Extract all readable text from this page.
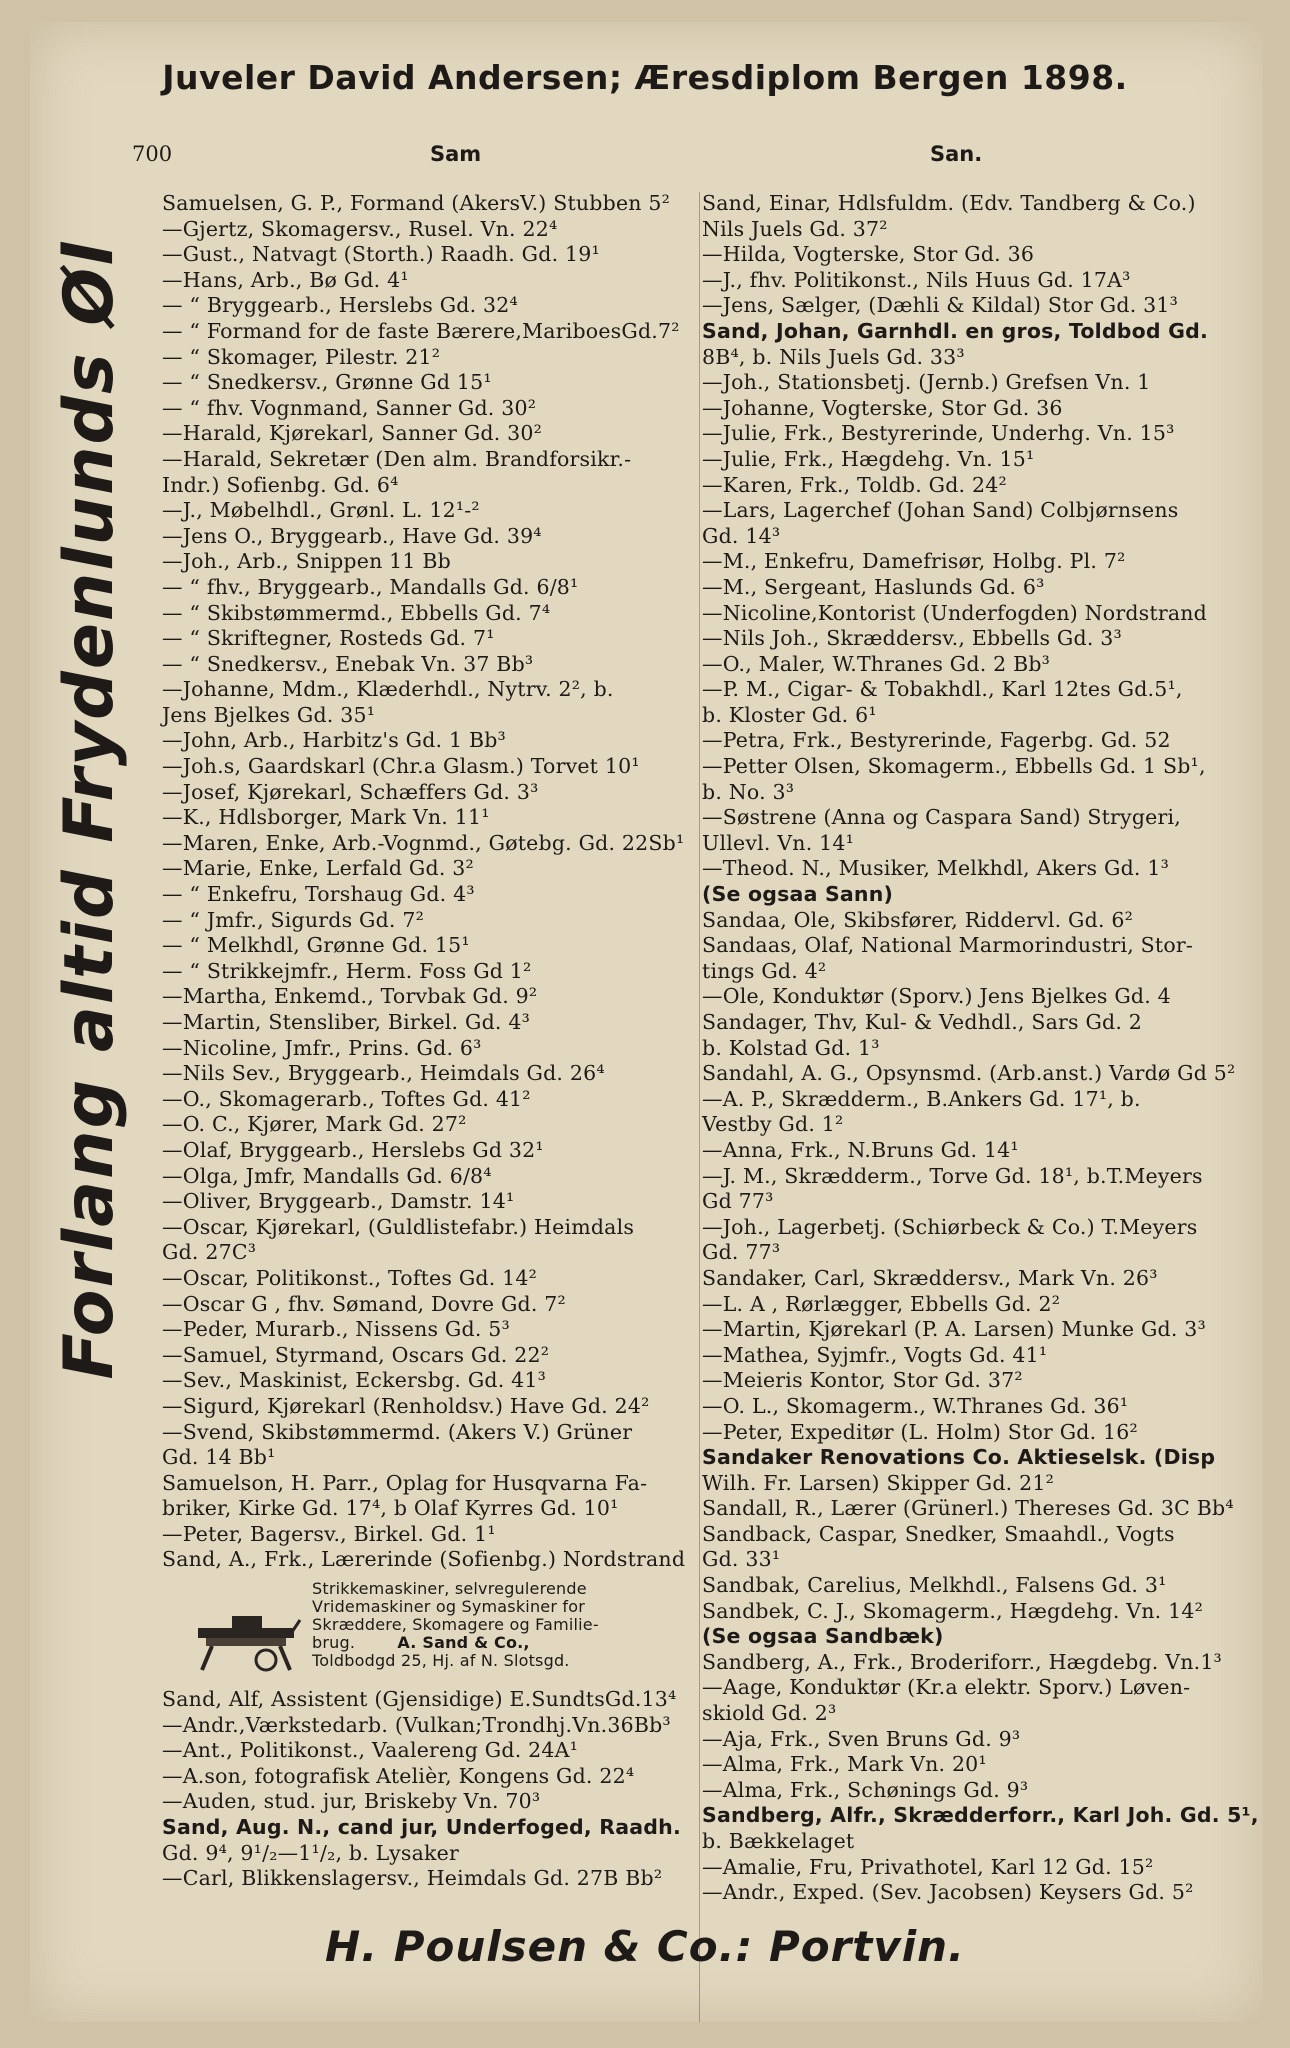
Juveler David Andersen; Æresdiplom Bergen 1898.
700	Sam	San.
Forlang altid Frydenlunds Øl
Samuelsen, G. P., Formand (AkersV.) Stubben 5²
—Gjertz, Skomagersv., Rusel. Vn. 22⁴
—Gust., Natvagt (Storth.) Raadh. Gd. 19¹
—Hans, Arb., Bø Gd. 4¹
— “ Bryggearb., Herslebs Gd. 32⁴
— “ Formand for de faste Bærere,MariboesGd.7²
— “ Skomager, Pilestr. 21²
— “ Snedkersv., Grønne Gd 15¹
— “ fhv. Vognmand, Sanner Gd. 30²
—Harald, Kjørekarl, Sanner Gd. 30²
—Harald, Sekretær (Den alm. Brandforsikr.-
Indr.) Sofienbg. Gd. 6⁴
—J., Møbelhdl., Grønl. L. 12¹-²
—Jens O., Bryggearb., Have Gd. 39⁴
—Joh., Arb., Snippen 11 Bb
— “ fhv., Bryggearb., Mandalls Gd. 6/8¹
— “ Skibstømmermd., Ebbells Gd. 7⁴
— “ Skriftegner, Rosteds Gd. 7¹
— “ Snedkersv., Enebak Vn. 37 Bb³
—Johanne, Mdm., Klæderhdl., Nytrv. 2², b.
Jens Bjelkes Gd. 35¹
—John, Arb., Harbitz's Gd. 1 Bb³
—Joh.s, Gaardskarl (Chr.a Glasm.) Torvet 10¹
—Josef, Kjørekarl, Schæffers Gd. 3³
—K., Hdlsborger, Mark Vn. 11¹
—Maren, Enke, Arb.-Vognmd., Gøtebg. Gd. 22Sb¹
—Marie, Enke, Lerfald Gd. 3²
— “ Enkefru, Torshaug Gd. 4³
— “ Jmfr., Sigurds Gd. 7²
— “ Melkhdl, Grønne Gd. 15¹
— “ Strikkejmfr., Herm. Foss Gd 1²
—Martha, Enkemd., Torvbak Gd. 9²
—Martin, Stensliber, Birkel. Gd. 4³
—Nicoline, Jmfr., Prins. Gd. 6³
—Nils Sev., Bryggearb., Heimdals Gd. 26⁴
—O., Skomagerarb., Toftes Gd. 41²
—O. C., Kjører, Mark Gd. 27²
—Olaf, Bryggearb., Herslebs Gd 32¹
—Olga, Jmfr, Mandalls Gd. 6/8⁴
—Oliver, Bryggearb., Damstr. 14¹
—Oscar, Kjørekarl, (Guldlistefabr.) Heimdals
Gd. 27C³
—Oscar, Politikonst., Toftes Gd. 14²
—Oscar G , fhv. Sømand, Dovre Gd. 7²
—Peder, Murarb., Nissens Gd. 5³
—Samuel, Styrmand, Oscars Gd. 22²
—Sev., Maskinist, Eckersbg. Gd. 41³
—Sigurd, Kjørekarl (Renholdsv.) Have Gd. 24²
—Svend, Skibstømmermd. (Akers V.) Grüner
Gd. 14 Bb¹
Samuelson, H. Parr., Oplag for Husqvarna Fa-
briker, Kirke Gd. 17⁴, b Olaf Kyrres Gd. 10¹
—Peter, Bagersv., Birkel. Gd. 1¹
Sand, A., Frk., Lærerinde (Sofienbg.) Nordstrand
Strikkemaskiner, selvregulerende
Vridemaskiner og Symaskiner for
Skræddere, Skomagere og Familie-
brug.	A. Sand & Co.,
Toldbodgd 25, Hj. af N. Slotsgd.
Sand, Alf, Assistent (Gjensidige) E.SundtsGd.13⁴
—Andr.,Værkstedarb. (Vulkan;Trondhj.Vn.36Bb³
—Ant., Politikonst., Vaalereng Gd. 24A¹
—A.son, fotografisk Atelièr, Kongens Gd. 22⁴
—Auden, stud. jur, Briskeby Vn. 70³
Sand, Aug. N., cand jur, Underfoged, Raadh.
Gd. 9⁴, 9¹/₂—1¹/₂, b. Lysaker
—Carl, Blikkenslagersv., Heimdals Gd. 27B Bb²
Sand, Einar, Hdlsfuldm. (Edv. Tandberg & Co.)
Nils Juels Gd. 37²
—Hilda, Vogterske, Stor Gd. 36
—J., fhv. Politikonst., Nils Huus Gd. 17A³
—Jens, Sælger, (Dæhli & Kildal) Stor Gd. 31³
Sand, Johan, Garnhdl. en gros, Toldbod Gd.
8B⁴, b. Nils Juels Gd. 33³
—Joh., Stationsbetj. (Jernb.) Grefsen Vn. 1
—Johanne, Vogterske, Stor Gd. 36
—Julie, Frk., Bestyrerinde, Underhg. Vn. 15³
—Julie, Frk., Hægdehg. Vn. 15¹
—Karen, Frk., Toldb. Gd. 24²
—Lars, Lagerchef (Johan Sand) Colbjørnsens
Gd. 14³
—M., Enkefru, Damefrisør, Holbg. Pl. 7²
—M., Sergeant, Haslunds Gd. 6³
—Nicoline,Kontorist (Underfogden) Nordstrand
—Nils Joh., Skræddersv., Ebbells Gd. 3³
—O., Maler, W.Thranes Gd. 2 Bb³
—P. M., Cigar- & Tobakhdl., Karl 12tes Gd.5¹,
b. Kloster Gd. 6¹
—Petra, Frk., Bestyrerinde, Fagerbg. Gd. 52
—Petter Olsen, Skomagerm., Ebbells Gd. 1 Sb¹,
b. No. 3³
—Søstrene (Anna og Caspara Sand) Strygeri,
Ullevl. Vn. 14¹
—Theod. N., Musiker, Melkhdl, Akers Gd. 1³
(Se ogsaa Sann)
Sandaa, Ole, Skibsfører, Riddervl. Gd. 6²
Sandaas, Olaf, National Marmorindustri, Stor-
tings Gd. 4²
—Ole, Konduktør (Sporv.) Jens Bjelkes Gd. 4
Sandager, Thv, Kul- & Vedhdl., Sars Gd. 2
b. Kolstad Gd. 1³
Sandahl, A. G., Opsynsmd. (Arb.anst.) Vardø Gd 5²
—A. P., Skrædderm., B.Ankers Gd. 17¹, b.
Vestby Gd. 1²
—Anna, Frk., N.Bruns Gd. 14¹
—J. M., Skrædderm., Torve Gd. 18¹, b.T.Meyers
Gd 77³
—Joh., Lagerbetj. (Schiørbeck & Co.) T.Meyers
Gd. 77³
Sandaker, Carl, Skræddersv., Mark Vn. 26³
—L. A , Rørlægger, Ebbells Gd. 2²
—Martin, Kjørekarl (P. A. Larsen) Munke Gd. 3³
—Mathea, Syjmfr., Vogts Gd. 41¹
—Meieris Kontor, Stor Gd. 37²
—O. L., Skomagerm., W.Thranes Gd. 36¹
—Peter, Expeditør (L. Holm) Stor Gd. 16²
Sandaker Renovations Co. Aktieselsk. (Disp
Wilh. Fr. Larsen) Skipper Gd. 21²
Sandall, R., Lærer (Grünerl.) Thereses Gd. 3C Bb⁴
Sandback, Caspar, Snedker, Smaahdl., Vogts
Gd. 33¹
Sandbak, Carelius, Melkhdl., Falsens Gd. 3¹
Sandbek, C. J., Skomagerm., Hægdehg. Vn. 14²
(Se ogsaa Sandbæk)
Sandberg, A., Frk., Broderiforr., Hægdebg. Vn.1³
—Aage, Konduktør (Kr.a elektr. Sporv.) Løven-
skiold Gd. 2³
—Aja, Frk., Sven Bruns Gd. 9³
—Alma, Frk., Mark Vn. 20¹
—Alma, Frk., Schønings Gd. 9³
Sandberg, Alfr., Skrædderforr., Karl Joh. Gd. 5¹,
b. Bækkelaget
—Amalie, Fru, Privathotel, Karl 12 Gd. 15²
—Andr., Exped. (Sev. Jacobsen) Keysers Gd. 5²
H. Poulsen & Co.: Portvin.
